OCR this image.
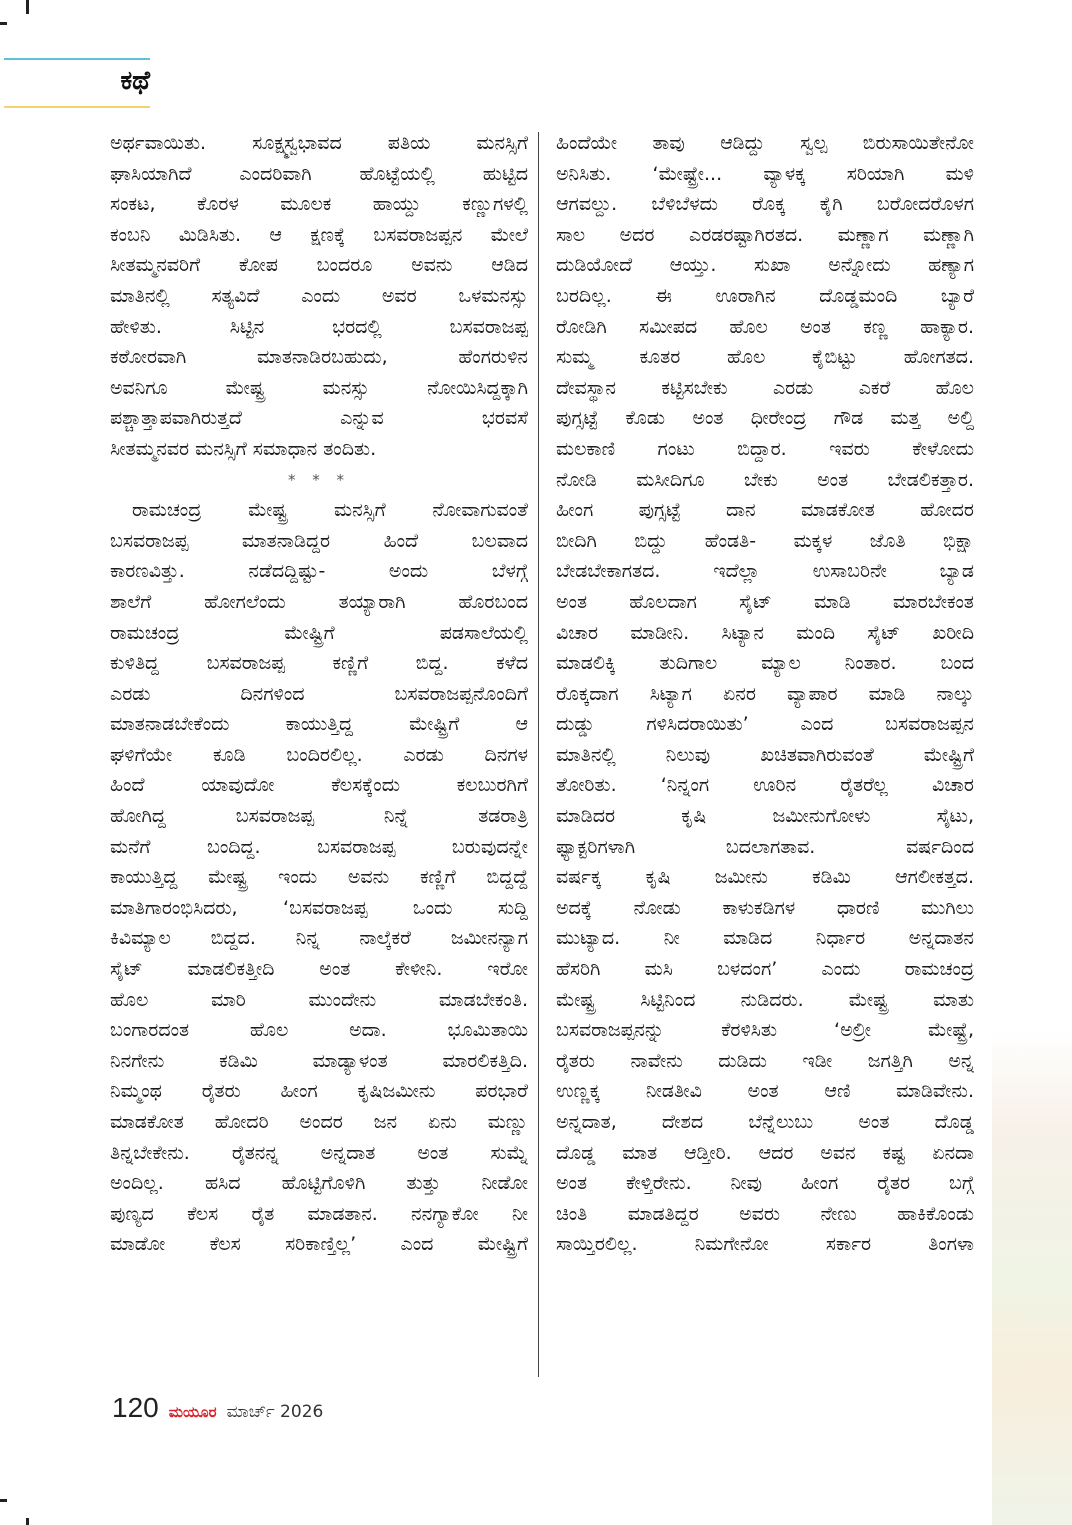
ಕಥೆ
ಅರ್ಥವಾಯಿತು. ಸೂಕ್ಷ್ಮಸ್ವಭಾವದ ಪತಿಯ ಮನಸ್ಸಿಗೆ
ಘಾಸಿಯಾಗಿದೆ ಎಂದರಿವಾಗಿ ಹೊಟ್ಟೆಯಲ್ಲಿ ಹುಟ್ಟಿದ
ಸಂಕಟ, ಕೊರಳ ಮೂಲಕ ಹಾಯ್ದು ಕಣ್ಣುಗಳಲ್ಲಿ
ಕಂಬನಿ ಮಿಡಿಸಿತು. ಆ ಕ್ಷಣಕ್ಕೆ ಬಸವರಾಜಪ್ಪನ ಮೇಲೆ
ಸೀತಮ್ಮನವರಿಗೆ ಕೋಪ ಬಂದರೂ ಅವನು ಆಡಿದ
ಮಾತಿನಲ್ಲಿ ಸತ್ಯವಿದೆ ಎಂದು ಅವರ ಒಳಮನಸ್ಸು
ಹೇಳಿತು. ಸಿಟ್ಟಿನ ಭರದಲ್ಲಿ ಬಸವರಾಜಪ್ಪ
ಕಠೋರವಾಗಿ ಮಾತನಾಡಿರಬಹುದು, ಹೆಂಗರುಳಿನ
ಅವನಿಗೂ ಮೇಷ್ಟ್ರ ಮನಸ್ಸು ನೋಯಿಸಿದ್ದಕ್ಕಾಗಿ
ಪಶ್ಚಾತ್ತಾಪವಾಗಿರುತ್ತದೆ ಎನ್ನುವ ಭರವಸೆ
ಸೀತಮ್ಮನವರ ಮನಸ್ಸಿಗೆ ಸಮಾಧಾನ ತಂದಿತು.
* * *
ರಾಮಚಂದ್ರ ಮೇಷ್ಟ್ರ ಮನಸ್ಸಿಗೆ ನೋವಾಗುವಂತೆ
ಬಸವರಾಜಪ್ಪ ಮಾತನಾಡಿದ್ದರ ಹಿಂದೆ ಬಲವಾದ
ಕಾರಣವಿತ್ತು. ನಡೆದದ್ದಿಷ್ಟು- ಅಂದು ಬೆಳಗ್ಗೆ
ಶಾಲೆಗೆ ಹೋಗಲೆಂದು ತಯ್ಯಾರಾಗಿ ಹೊರಬಂದ
ರಾಮಚಂದ್ರ ಮೇಷ್ಟ್ರಿಗೆ ಪಡಸಾಲೆಯಲ್ಲಿ
ಕುಳಿತಿದ್ದ ಬಸವರಾಜಪ್ಪ ಕಣ್ಣಿಗೆ ಬಿದ್ದ. ಕಳೆದ
ಎರಡು ದಿನಗಳಿಂದ ಬಸವರಾಜಪ್ಪನೊಂದಿಗೆ
ಮಾತನಾಡಬೇಕೆಂದು ಕಾಯುತ್ತಿದ್ದ ಮೇಷ್ಟ್ರಿಗೆ ಆ
ಘಳಿಗೆಯೇ ಕೂಡಿ ಬಂದಿರಲಿಲ್ಲ. ಎರಡು ದಿನಗಳ
ಹಿಂದೆ ಯಾವುದೋ ಕೆಲಸಕ್ಕೆಂದು ಕಲಬುರಗಿಗೆ
ಹೋಗಿದ್ದ ಬಸವರಾಜಪ್ಪ ನಿನ್ನೆ ತಡರಾತ್ರಿ
ಮನೆಗೆ ಬಂದಿದ್ದ. ಬಸವರಾಜಪ್ಪ ಬರುವುದನ್ನೇ
ಕಾಯುತ್ತಿದ್ದ ಮೇಷ್ಟ್ರ ಇಂದು ಅವನು ಕಣ್ಣಿಗೆ ಬಿದ್ದದ್ದೆ
ಮಾತಿಗಾರಂಭಿಸಿದರು, ‘ಬಸವರಾಜಪ್ಪ ಒಂದು ಸುದ್ದಿ
ಕಿವಿಮ್ಯಾಲ ಬಿದ್ದದ. ನಿನ್ನ ನಾಲ್ಕೆಕರೆ ಜಮೀನನ್ಯಾಗ
ಸೈಟ್ ಮಾಡಲಿಕತ್ತೀದಿ ಅಂತ ಕೇಳೀನಿ. ಇರೋ
ಹೊಲ ಮಾರಿ ಮುಂದೇನು ಮಾಡಬೇಕಂತಿ.
ಬಂಗಾರದಂತ ಹೊಲ ಅದಾ. ಭೂಮಿತಾಯಿ
ನಿನಗೇನು ಕಡಿಮಿ ಮಾಡ್ಯಾಳಂತ ಮಾರಲಿಕತ್ತಿದಿ.
ನಿಮ್ಮಂಥ ರೈತರು ಹೀಂಗ ಕೃಷಿಜಮೀನು ಪರಭಾರೆ
ಮಾಡಕೋತ ಹೋದರಿ ಅಂದರ ಜನ ಏನು ಮಣ್ಣು
ತಿನ್ನಬೇಕೇನು. ರೈತನನ್ನ ಅನ್ನದಾತ ಅಂತ ಸುಮ್ನೆ
ಅಂದಿಲ್ಲ. ಹಸಿದ ಹೊಟ್ಟಿಗೊಳಿಗಿ ತುತ್ತು ನೀಡೋ
ಪುಣ್ಯದ ಕೆಲಸ ರೈತ ಮಾಡತಾನ. ನನಗ್ಯಾಕೋ ನೀ
ಮಾಡೋ ಕೆಲಸ ಸರಿಕಾಣ್ತಿಲ್ಲ’ ಎಂದ ಮೇಷ್ಟ್ರಿಗೆ
ಹಿಂದೆಯೇ ತಾವು ಆಡಿದ್ದು ಸ್ವಲ್ಪ ಬಿರುಸಾಯಿತೇನೋ
ಅನಿಸಿತು. ‘ಮೇಷ್ಟ್ರೇ... ವ್ಯಾಳಕ್ಕ ಸರಿಯಾಗಿ ಮಳಿ
ಆಗವಲ್ದು. ಬೆಳಿಬೆಳದು ರೊಕ್ಕ ಕೈಗಿ ಬರೋದರೊಳಗ
ಸಾಲ ಅದರ ಎರಡರಷ್ಟಾಗಿರತದ. ಮಣ್ಣಾಗ ಮಣ್ಣಾಗಿ
ದುಡಿಯೋದೆ ಆಯ್ತು. ಸುಖಾ ಅನ್ನೋದು ಹಣ್ಯಾಗ
ಬರದಿಲ್ಲ. ಈ ಊರಾಗಿನ ದೊಡ್ಡಮಂದಿ ಬ್ಯಾರೆ
ರೋಡಿಗಿ ಸಮೀಪದ ಹೊಲ ಅಂತ ಕಣ್ಣ ಹಾಕ್ಯಾರ.
ಸುಮ್ಮ ಕೂತರ ಹೊಲ ಕೈಬಿಟ್ಟು ಹೋಗತದ.
ದೇವಸ್ಥಾನ ಕಟ್ಟಿಸಬೇಕು ಎರಡು ಎಕರೆ ಹೊಲ
ಪುಗ್ಸಟ್ಟೆ ಕೊಡು ಅಂತ ಧೀರೇಂದ್ರ ಗೌಡ ಮತ್ತ ಅಲ್ದಿ
ಮಲಕಾಣಿ ಗಂಟು ಬಿದ್ದಾರ. ಇವರು ಕೇಳೋದು
ನೋಡಿ ಮಸೀದಿಗೂ ಬೇಕು ಅಂತ ಬೇಡಲಿಕತ್ತಾರ.
ಹೀಂಗ ಪುಗ್ಸಟ್ಟೆ ದಾನ ಮಾಡಕೋತ ಹೋದರ
ಬೀದಿಗಿ ಬಿದ್ದು ಹೆಂಡತಿ- ಮಕ್ಕಳ ಜೊತಿ ಭಿಕ್ಷಾ
ಬೇಡಬೇಕಾಗತದ. ಇದೆಲ್ಲಾ ಉಸಾಬರಿನೇ ಬ್ಯಾಡ
ಅಂತ ಹೊಲದಾಗ ಸೈಟ್ ಮಾಡಿ ಮಾರಬೇಕಂತ
ವಿಚಾರ ಮಾಡೀನಿ. ಸಿಟ್ಯಾನ ಮಂದಿ ಸೈಟ್ ಖರೀದಿ
ಮಾಡಲಿಕ್ಕಿ ತುದಿಗಾಲ ಮ್ಯಾಲ ನಿಂತಾರ. ಬಂದ
ರೊಕ್ಕದಾಗ ಸಿಟ್ಯಾಗ ಏನರ ವ್ಯಾಪಾರ ಮಾಡಿ ನಾಲ್ಕು
ದುಡ್ಡು ಗಳಿಸಿದರಾಯಿತು’ ಎಂದ ಬಸವರಾಜಪ್ಪನ
ಮಾತಿನಲ್ಲಿ ನಿಲುವು ಖಚಿತವಾಗಿರುವಂತೆ ಮೇಷ್ಟ್ರಿಗೆ
ತೋರಿತು. ‘ನಿನ್ನಂಗ ಊರಿನ ರೈತರೆಲ್ಲ ವಿಚಾರ
ಮಾಡಿದರ ಕೃಷಿ ಜಮೀನುಗೋಳು ಸೈಟು,
ಫ್ಯಾಕ್ಟರಿಗಳಾಗಿ ಬದಲಾಗತಾವ. ವರ್ಷದಿಂದ
ವರ್ಷಕ್ಕ ಕೃಷಿ ಜಮೀನು ಕಡಿಮಿ ಆಗಲೀಕತ್ತದ.
ಅದಕ್ಕೆ ನೋಡು ಕಾಳುಕಡಿಗಳ ಧಾರಣಿ ಮುಗಿಲು
ಮುಟ್ಯಾದ. ನೀ ಮಾಡಿದ ನಿರ್ಧಾರ ಅನ್ನದಾತನ
ಹೆಸರಿಗಿ ಮಸಿ ಬಳದಂಗ’ ಎಂದು ರಾಮಚಂದ್ರ
ಮೇಷ್ಟ್ರ ಸಿಟ್ಟಿನಿಂದ ನುಡಿದರು. ಮೇಷ್ಟ್ರ ಮಾತು
ಬಸವರಾಜಪ್ಪನನ್ನು ಕೆರಳಿಸಿತು ‘ಅಲ್ರೀ ಮೇಷ್ಟ್ರೆ,
ರೈತರು ನಾವೇನು ದುಡಿದು ಇಡೀ ಜಗತ್ತಿಗಿ ಅನ್ನ
ಉಣ್ಣಕ್ಕ ನೀಡತೀವಿ ಅಂತ ಆಣಿ ಮಾಡಿವೇನು.
ಅನ್ನದಾತ, ದೇಶದ ಬೆನ್ನೆಲುಬು ಅಂತ ದೊಡ್ಡ
ದೊಡ್ಡ ಮಾತ ಆಡ್ತೀರಿ. ಆದರ ಅವನ ಕಷ್ಟ ಏನದಾ
ಅಂತ ಕೇಳ್ತಿರೇನು. ನೀವು ಹೀಂಗ ರೈತರ ಬಗ್ಗೆ
ಚಿಂತಿ ಮಾಡತಿದ್ದರ ಅವರು ನೇಣು ಹಾಕಿಕೊಂಡು
ಸಾಯ್ತಿರಲಿಲ್ಲ. ನಿಮಗೇನೋ ಸರ್ಕಾರ ತಿಂಗಳಾ
120 ಮಯೂರ ಮಾರ್ಚ್ 2026
